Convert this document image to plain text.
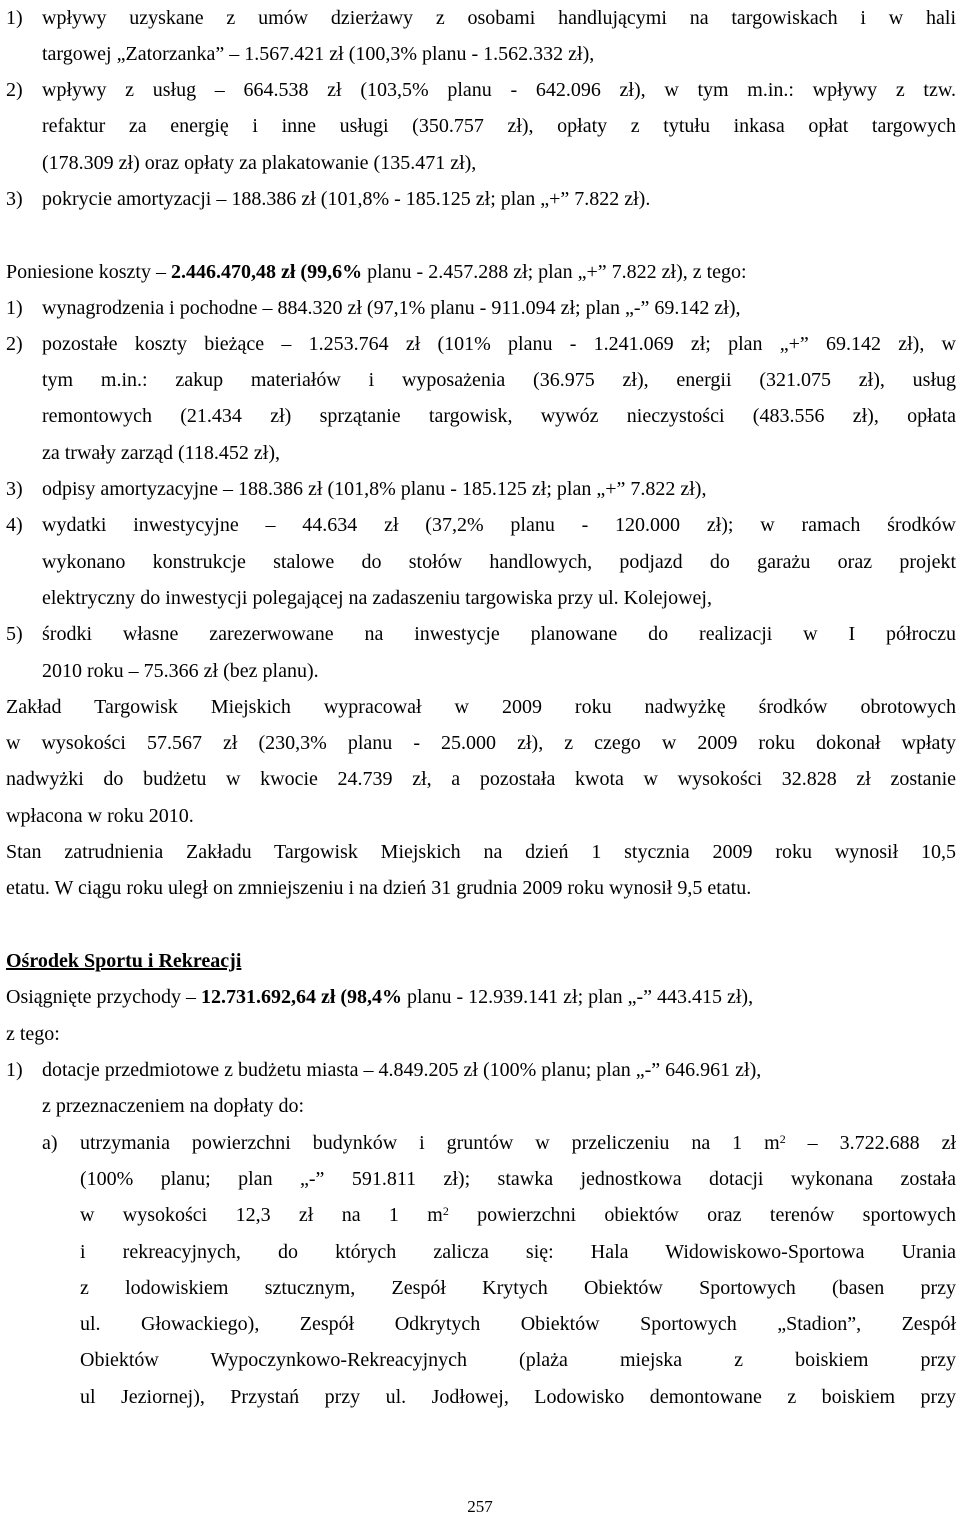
1) wpływy uzyskane z umów dzierżawy z osobami handlującymi na targowiskach i w hali
targowej „Zatorzanka” – 1.567.421 zł (100,3% planu - 1.562.332 zł),
2) wpływy z usług – 664.538 zł (103,5% planu - 642.096 zł), w tym m.in.: wpływy z tzw.
refaktur za energię i inne usługi (350.757 zł), opłaty z tytułu inkasa opłat targowych
(178.309 zł) oraz opłaty za plakatowanie (135.471 zł),
3) pokrycie amortyzacji – 188.386 zł (101,8% - 185.125 zł; plan „+” 7.822 zł).
Poniesione koszty – 2.446.470,48 zł (99,6% planu - 2.457.288 zł; plan „+” 7.822 zł), z tego:
1) wynagrodzenia i pochodne – 884.320 zł (97,1% planu - 911.094 zł; plan „-” 69.142 zł),
2) pozostałe koszty bieżące – 1.253.764 zł (101% planu - 1.241.069 zł; plan „+” 69.142 zł), w
tym m.in.: zakup materiałów i wyposażenia (36.975 zł), energii (321.075 zł), usług
remontowych (21.434 zł) sprzątanie targowisk, wywóz nieczystości (483.556 zł), opłata
za trwały zarząd (118.452 zł),
3) odpisy amortyzacyjne – 188.386 zł (101,8% planu - 185.125 zł; plan „+” 7.822 zł),
4) wydatki inwestycyjne – 44.634 zł (37,2% planu - 120.000 zł); w ramach środków
wykonano konstrukcje stalowe do stołów handlowych, podjazd do garażu oraz projekt
elektryczny do inwestycji polegającej na zadaszeniu targowiska przy ul. Kolejowej,
5) środki własne zarezerwowane na inwestycje planowane do realizacji w I półroczu
2010 roku – 75.366 zł (bez planu).
Zakład Targowisk Miejskich wypracował w 2009 roku nadwyżkę środków obrotowych
w wysokości 57.567 zł (230,3% planu - 25.000 zł), z czego w 2009 roku dokonał wpłaty
nadwyżki do budżetu w kwocie 24.739 zł, a pozostała kwota w wysokości 32.828 zł zostanie
wpłacona w roku 2010.
Stan zatrudnienia Zakładu Targowisk Miejskich na dzień 1 stycznia 2009 roku wynosił 10,5
etatu. W ciągu roku uległ on zmniejszeniu i na dzień 31 grudnia 2009 roku wynosił 9,5 etatu.
Ośrodek Sportu i Rekreacji
Osiągnięte przychody – 12.731.692,64 zł (98,4% planu - 12.939.141 zł; plan „-” 443.415 zł),
z tego:
1) dotacje przedmiotowe z budżetu miasta – 4.849.205 zł (100% planu; plan „-” 646.961 zł),
z przeznaczeniem na dopłaty do:
a) utrzymania powierzchni budynków i gruntów w przeliczeniu na 1 $m^2 - 3.722.688$ zł
(100% planu; plan „-” 591.811 zł); stawka jednostkowa dotacji wykonana została
w wysokości 12,3 zł na 1 $m^2$ powierzchni obiektów oraz terenów sportowych
i rekreacyjnych, do których zalicza się: Hala Widowiskowo-Sportowa Urania
z lodowiskiem sztucznym, Zespół Krytych Obiektów Sportowych (basen przy
ul. Głowackiego), Zespół Odkrytych Obiektów Sportowych „Stadion”, Zespół
Obiektów Wypoczynkowo-Rekreacyjnych (plaża miejska z boiskiem przy
ul Jeziornej), Przystań przy ul. Jodłowej, Lodowisko demontowane z boiskiem przy
257
